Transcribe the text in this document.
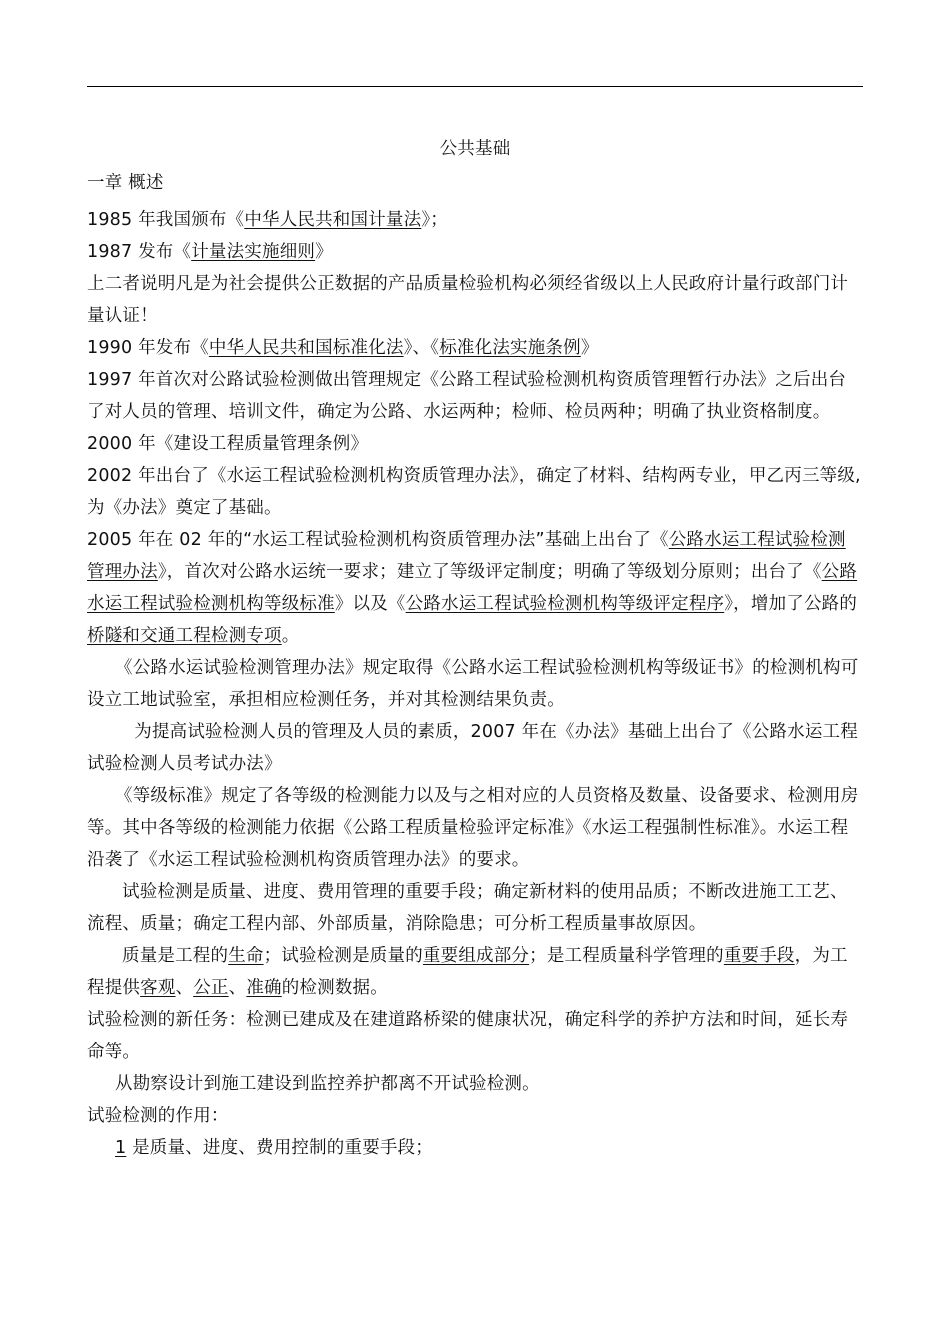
公共基础

一章 概述

1985 年我国颁布《中华人民共和国计量法》；

1987 发布《计量法实施细则》

上二者说明凡是为社会提供公正数据的产品质量检验机构必须经省级以上人民政府计量行政部门计量认证！

1990 年发布《中华人民共和国标准化法》、《标准化法实施条例》

1997 年首次对公路试验检测做出管理规定《公路工程试验检测机构资质管理暂行办法》之后出台了对人员的管理、培训文件，确定为公路、水运两种；检师、检员两种；明确了执业资格制度。

2000 年《建设工程质量管理条例》

2002 年出台了《水运工程试验检测机构资质管理办法》，确定了材料、结构两专业，甲乙丙三等级,为《办法》奠定了基础。

2005 年在 02 年的“水运工程试验检测机构资质管理办法”基础上出台了《公路水运工程试验检测管理办法》，首次对公路水运统一要求；建立了等级评定制度；明确了等级划分原则；出台了《公路水运工程试验检测机构等级标准》以及《公路水运工程试验检测机构等级评定程序》，增加了公路的桥隧和交通工程检测专项。

《公路水运试验检测管理办法》规定取得《公路水运工程试验检测机构等级证书》的检测机构可设立工地试验室，承担相应检测任务，并对其检测结果负责。

为提高试验检测人员的管理及人员的素质，2007 年在《办法》基础上出台了《公路水运工程试验检测人员考试办法》

《等级标准》规定了各等级的检测能力以及与之相对应的人员资格及数量、设备要求、检测用房等。其中各等级的检测能力依据《公路工程质量检验评定标准》《水运工程强制性标准》。水运工程沿袭了《水运工程试验检测机构资质管理办法》的要求。

试验检测是质量、进度、费用管理的重要手段；确定新材料的使用品质；不断改进施工工艺、流程、质量；确定工程内部、外部质量，消除隐患；可分析工程质量事故原因。

质量是工程的生命；试验检测是质量的重要组成部分；是工程质量科学管理的重要手段，为工程提供客观、公正、准确的检测数据。

试验检测的新任务：检测已建成及在建道路桥梁的健康状况，确定科学的养护方法和时间，延长寿命等。

从勘察设计到施工建设到监控养护都离不开试验检测。

试验检测的作用：

1 是质量、进度、费用控制的重要手段；
